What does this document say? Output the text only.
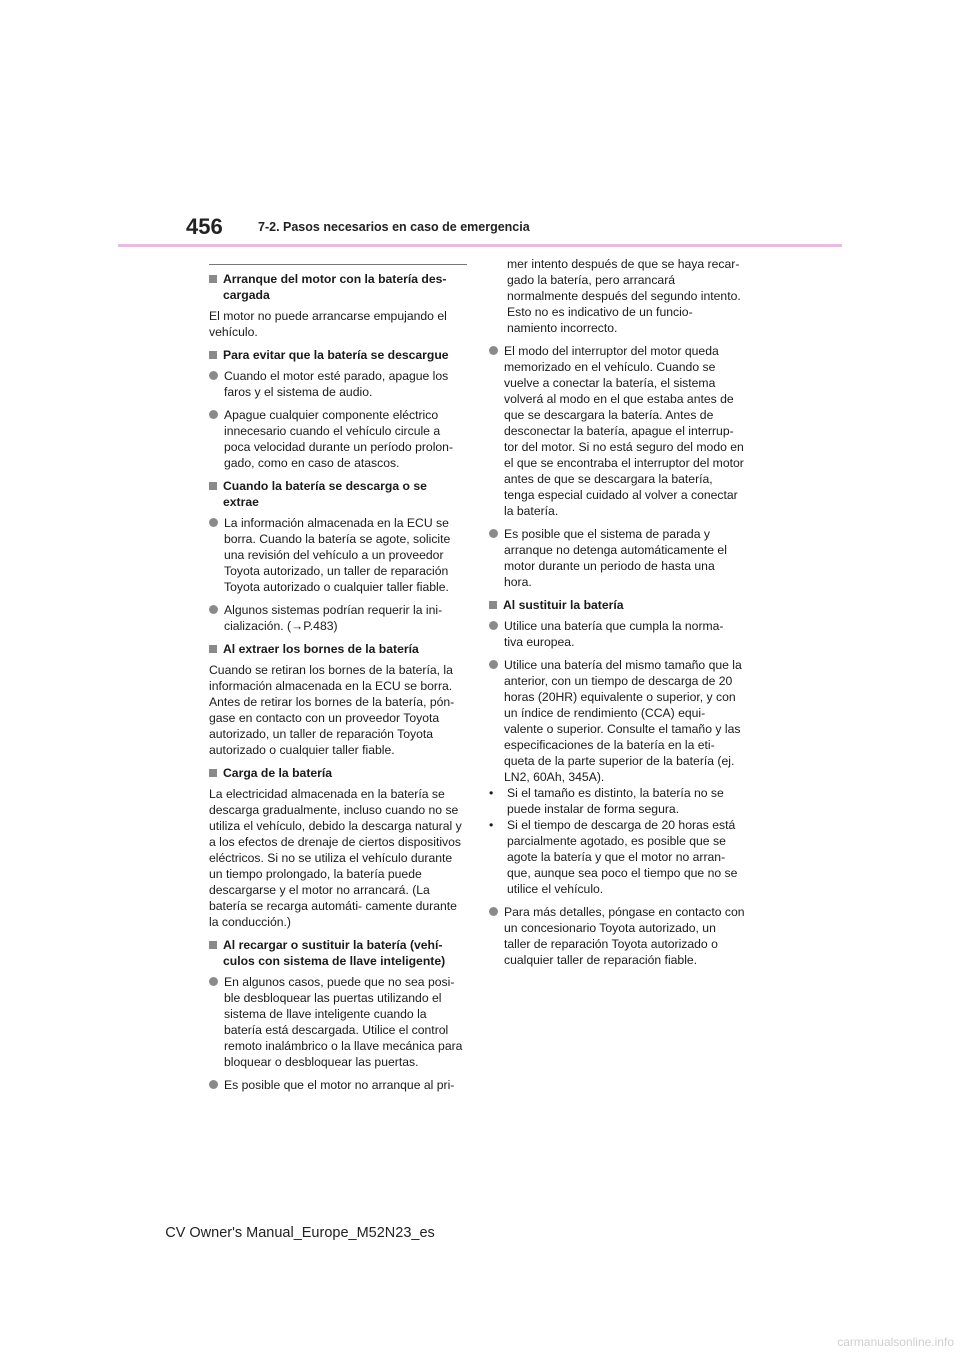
456	7-2. Pasos necesarios en caso de emergencia
Arranque del motor con la batería des- cargada

El motor no puede arrancarse empujando el vehículo.

Para evitar que la batería se descargue
Cuando el motor esté parado, apague los faros y el sistema de audio.
Apague cualquier componente eléctrico innecesario cuando el vehículo circule a poca velocidad durante un período prolon- gado, como en caso de atascos.
Cuando la batería se descarga o se extrae
La información almacenada en la ECU se borra. Cuando la batería se agote, solicite una revisión del vehículo a un proveedor Toyota autorizado, un taller de reparación Toyota autorizado o cualquier taller fiable.
Algunos sistemas podrían requerir la ini- cialización. (→P.483)
Al extraer los bornes de la batería

Cuando se retiran los bornes de la batería, la información almacenada en la ECU se borra. Antes de retirar los bornes de la batería, pón- gase en contacto con un proveedor Toyota autorizado, un taller de reparación Toyota autorizado o cualquier taller fiable.

Carga de la batería

La electricidad almacenada en la batería se descarga gradualmente, incluso cuando no se utiliza el vehículo, debido la descarga natural y a los efectos de drenaje de ciertos dispositivos eléctricos. Si no se utiliza el vehículo durante un tiempo prolongado, la batería puede descargarse y el motor no arrancará. (La batería se recarga automáti- camente durante la conducción.)

Al recargar o sustituir la batería (vehí- culos con sistema de llave inteligente)
En algunos casos, puede que no sea posi- ble desbloquear las puertas utilizando el sistema de llave inteligente cuando la batería está descargada. Utilice el control remoto inalámbrico o la llave mecánica para bloquear o desbloquear las puertas.
Es posible que el motor no arranque al pri-

mer intento después de que se haya recar- gado la batería, pero arrancará normalmente después del segundo intento. Esto no es indicativo de un funcio- namiento incorrecto.

El modo del interruptor del motor queda memorizado en el vehículo. Cuando se vuelve a conectar la batería, el sistema volverá al modo en el que estaba antes de que se descargara la batería. Antes de desconectar la batería, apague el interrup- tor del motor. Si no está seguro del modo en el que se encontraba el interruptor del motor antes de que se descargara la batería, tenga especial cuidado al volver a conectar la batería.
Es posible que el sistema de parada y arranque no detenga automáticamente el motor durante un periodo de hasta una hora.
Al sustituir la batería
Utilice una batería que cumpla la norma- tiva europea.
Utilice una batería del mismo tamaño que la anterior, con un tiempo de descarga de 20 horas (20HR) equivalente o superior, y con un índice de rendimiento (CCA) equi- valente o superior. Consulte el tamaño y las especificaciones de la batería en la eti- queta de la parte superior de la batería (ej. LN2, 60Ah, 345A).
•	Si el tamaño es distinto, la batería no se puede instalar de forma segura.
•	Si el tiempo de descarga de 20 horas está parcialmente agotado, es posible que se agote la batería y que el motor no arran- que, aunque sea poco el tiempo que no se utilice el vehículo.
Para más detalles, póngase en contacto con un concesionario Toyota autorizado, un taller de reparación Toyota autorizado o cualquier taller de reparación fiable.
CV Owner's Manual_Europe_M52N23_es
carmanualsonline.info
